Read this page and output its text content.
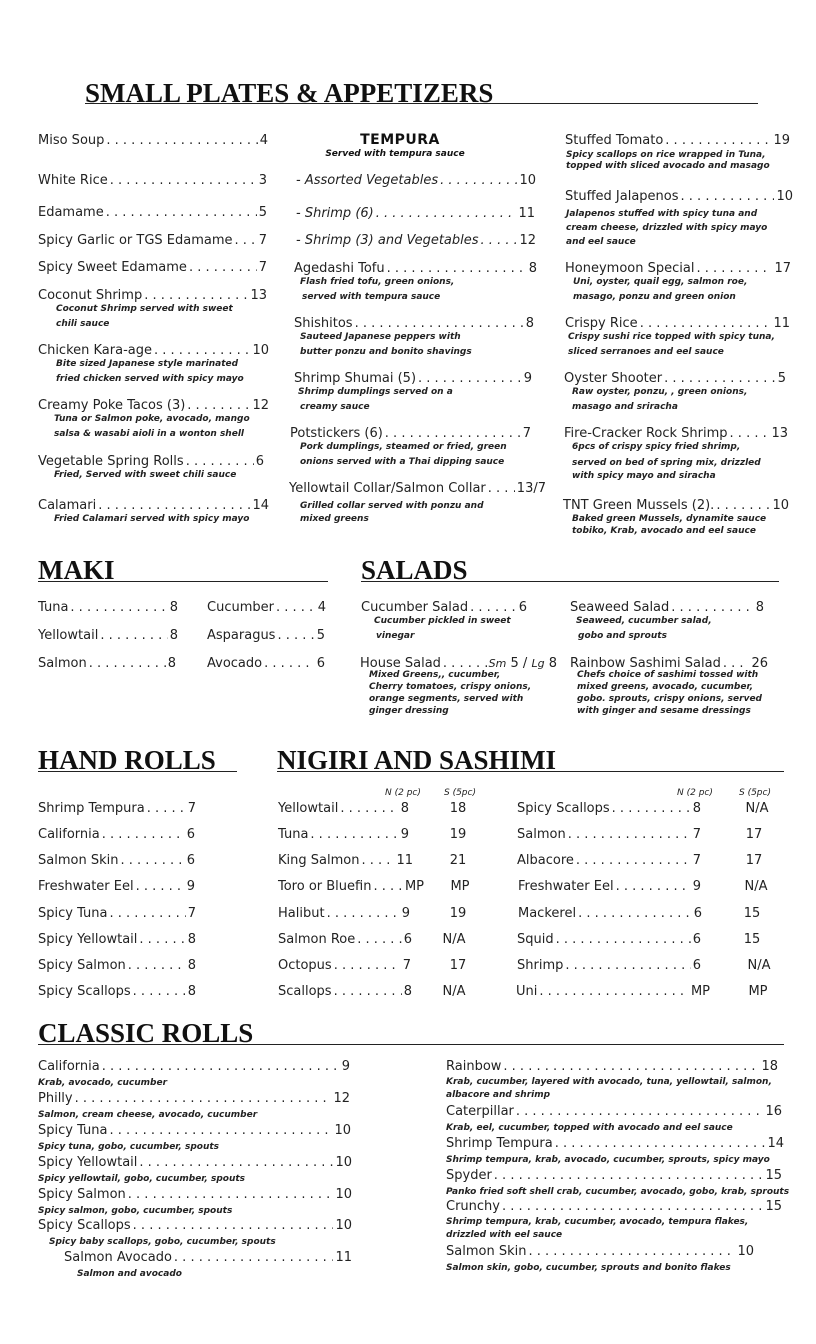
SMALL PLATES & APPETIZERS
Miso Soup . . .	4
White Rice . . .	3
Edamame . . .	5
Spicy Garlic or TGS Edamame . . . 7
Spicy Sweet Edamame . . .	7
Coconut Shrimp . . .	13
Coconut Shrimp served with sweet
chili sauce
Chicken Kara-age . . .	10
Bite sized Japanese style marinated
fried chicken served with spicy mayo
Creamy Poke Tacos (3) . . .	12
Tuna or Salmon poke, avocado, mango
salsa & wasabi aioli in a wonton shell
Vegetable Spring Rolls . . .	6
Fried, Served with sweet chili sauce
Calamari . . .	14
Fried Calamari served with spicy mayo
TEMPURA
Served with tempura sauce
- Assorted Vegetables . . .	10
- Shrimp (6) . . .	11
- Shrimp (3) and Vegetables . . .	12
Agedashi Tofu . . .	8
Flash fried tofu, green onions,
served with tempura sauce
Shishitos . . .	8
Sauteed Japanese peppers with
butter ponzu and bonito shavings
Shrimp Shumai (5) . . .	9
Shrimp dumplings served on a
creamy sauce
Potstickers (6) . . .	7
Pork dumplings, steamed or fried, green
onions served with a Thai dipping sauce
Yellowtail Collar/Salmon Collar . . . 13/7
Grilled collar served with ponzu and
mixed greens
Stuffed Tomato . . .	19
Spicy scallops on rice wrapped in Tuna,
topped with sliced avocado and masago
Stuffed Jalapenos . . .	10
Jalapenos stuffed with spicy tuna and
cream cheese, drizzled with spicy mayo
and eel sauce
Honeymoon Special . . .	17
Uni, oyster, quail egg, salmon roe,
masago, ponzu and green onion
Crispy Rice . . .	11
Crispy sushi rice topped with spicy tuna,
sliced serranoes and eel sauce
Oyster Shooter . . .	5
Raw oyster, ponzu, , green onions,
masago and sriracha
Fire-Cracker Rock Shrimp . . .	13
6pcs of crispy spicy fried shrimp,
served on bed of spring mix, drizzled
with spicy mayo and siracha
TNT Green Mussels (2). . . .	10
Baked green Mussels, dynamite sauce
tobiko, Krab, avocado and eel sauce
MAKI
Tuna . . .	8
Yellowtail . . .	8
Salmon . . .	8
Cucumber . . .	4
Asparagus . . .	5
Avocado . . .	6
SALADS
Cucumber Salad . . .	6
Cucumber pickled in sweet
vinegar
House Salad . . .	Sm 5 / Lg 8
Mixed Greens,, cucumber,
Cherry tomatoes, crispy onions,
orange segments, served with
ginger dressing
Seaweed Salad . . .	8
Seaweed, cucumber salad,
gobo and sprouts
Rainbow Sashimi Salad . . . 26
Chefs choice of sashimi tossed with
mixed greens, avocado, cucumber,
gobo. sprouts, crispy onions, served
with ginger and sesame dressings
HAND ROLLS
Shrimp Tempura . . .	7
California . . .	6
Salmon Skin . . .	6
Freshwater Eel . . .	9
Spicy Tuna . . .	7
Spicy Yellowtail . . .	8
Spicy Salmon . . .	8
Spicy Scallops . . .	8
NIGIRI AND SASHIMI
N (2 pc)	S (5pc)	N (2 pc)	S (5pc)
Yellowtail . . .	8	18
Tuna . . .	9	19
King Salmon . . .	11	21
Toro or Bluefin . . .	MP	MP
Halibut . . .	9	19
Salmon Roe . . .	6	N/A
Octopus . . .	7	17
Scallops . . .	8	N/A
Spicy Scallops . . .	8	N/A
Salmon . . .	7	17
Albacore . . .	7	17
Freshwater Eel . . .	9	N/A
Mackerel . . .	6	15
Squid . . .	6	15
Shrimp . . .	6	N/A
Uni . . .	MP	MP
CLASSIC ROLLS
California . . .	9
Krab, avocado, cucumber
Philly . . .	12
Salmon, cream cheese, avocado, cucumber
Spicy Tuna . . .	10
Spicy tuna, gobo, cucumber, spouts
Spicy Yellowtail . . .	10
Spicy yellowtail, gobo, cucumber, spouts
Spicy Salmon . . .	10
Spicy salmon, gobo, cucumber, spouts
Spicy Scallops . . .	10
Spicy baby scallops, gobo, cucumber, spouts
Salmon Avocado . . .	11
Salmon and avocado
Rainbow . . .	18
Krab, cucumber, layered with avocado, tuna, yellowtail, salmon,
albacore and shrimp
Caterpillar . . .	16
Krab, eel, cucumber, topped with avocado and eel sauce
Shrimp Tempura . . .	14
Shrimp tempura, krab, avocado, cucumber, sprouts, spicy mayo
Spyder . . .	15
Panko fried soft shell crab, cucumber, avocado, gobo, krab, sprouts
Crunchy . . .	15
Shrimp tempura, krab, cucumber, avocado, tempura flakes,
drizzled with eel sauce
Salmon Skin . . .	10
Salmon skin, gobo, cucumber, sprouts and bonito flakes
